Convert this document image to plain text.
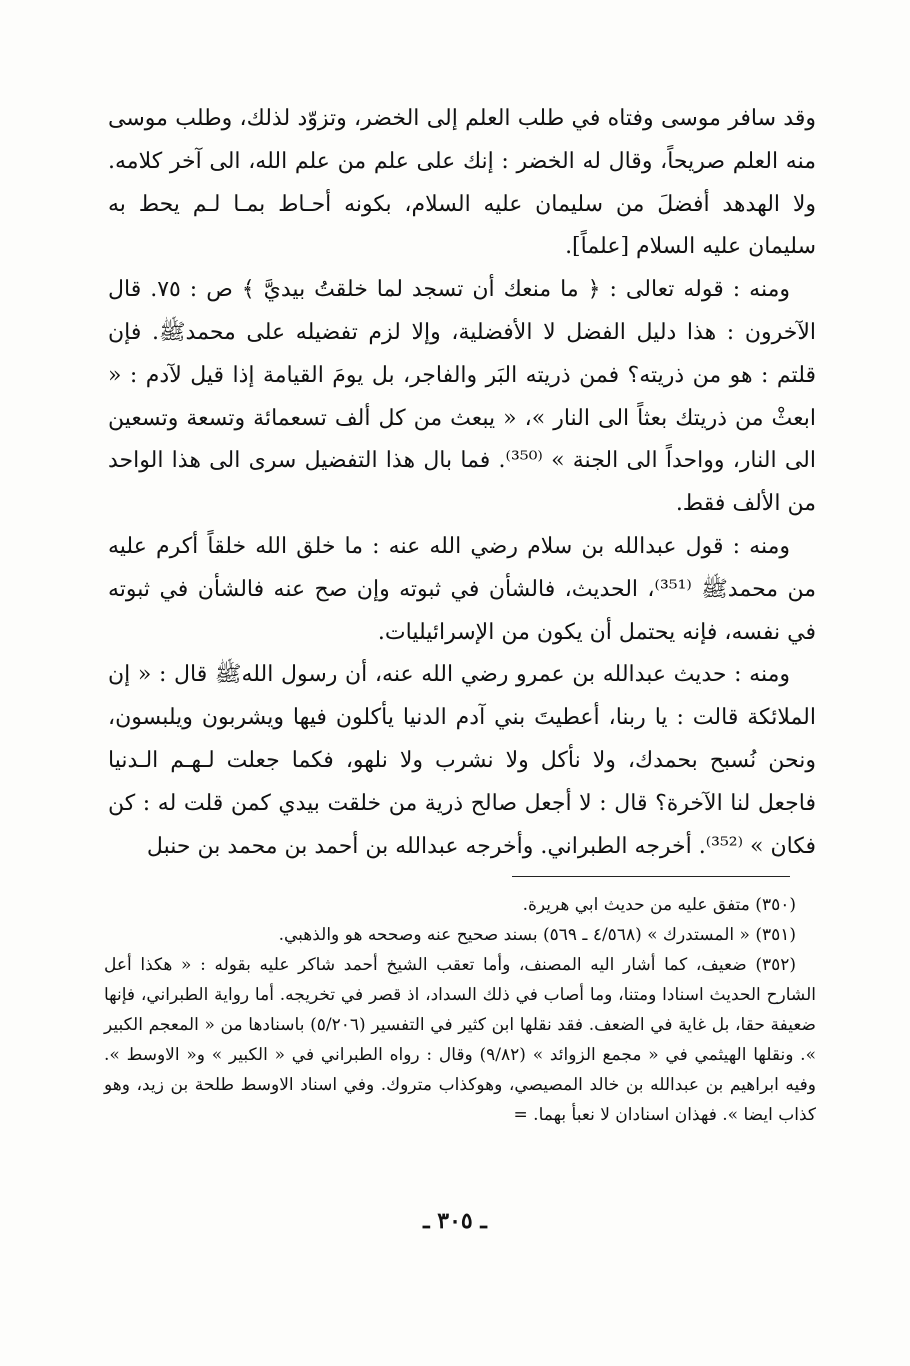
وقد سافر موسى وفتاه في طلب العلم إلى الخضر، وتزوّد لذلك، وطلب موسى منه العلم صريحاً، وقال له الخضر : إنك على علم من علم الله، الى آخر كلامه. ولا الهدهد أفضلَ من سليمان عليه السلام، بكونه أحـاط بمـا لـم يحط به سليمان عليه السلام [علماً].

ومنه : قوله تعالى : ﴿ ما منعك أن تسجد لما خلقتُ بيديَّ ﴾ ص : ٧٥. قال الآخرون : هذا دليل الفضل لا الأفضلية، وإلا لزم تفضيله على محمدﷺ. فإن قلتم : هو من ذريته؟ فمن ذريته البَر والفاجر، بل يومَ القيامة إذا قيل لآدم : « ابعثْ من ذريتك بعثاً الى النار »، « يبعث من كل ألف تسعمائة وتسعة وتسعين الى النار، وواحداً الى الجنة » ⁽³⁵⁰⁾. فما بال هذا التفضيل سرى الى هذا الواحد من الألف فقط.

ومنه : قول عبدالله بن سلام رضي الله عنه : ما خلق الله خلقاً أكرم عليه من محمدﷺ ⁽³⁵¹⁾، الحديث، فالشأن في ثبوته وإن صح عنه فالشأن في ثبوته في نفسه، فإنه يحتمل أن يكون من الإسرائيليات.

ومنه : حديث عبدالله بن عمرو رضي الله عنه، أن رسول اللهﷺ قال : « إن الملائكة قالت : يا ربنا، أعطيتَ بني آدم الدنيا يأكلون فيها ويشربون ويلبسون، ونحن نُسبح بحمدك، ولا نأكل ولا نشرب ولا نلهو، فكما جعلت لـهـم الـدنيا فاجعل لنا الآخرة؟ قال : لا أجعل صالح ذرية من خلقت بيدي كمن قلت له : كن فكان » ⁽³⁵²⁾. أخرجه الطبراني. وأخرجه عبدالله بن أحمد بن محمد بن حنبل

(٣٥٠) متفق عليه من حديث ابي هريرة.

(٣٥١) « المستدرك » (٤/٥٦٨ ـ ٥٦٩) بسند صحيح عنه وصححه هو والذهبي.

(٣٥٢) ضعيف، كما أشار اليه المصنف، وأما تعقب الشيخ أحمد شاكر عليه بقوله : « هكذا أعل الشارح الحديث اسنادا ومتنا، وما أصاب في ذلك السداد، اذ قصر في تخريجه. أما رواية الطبراني، فإنها ضعيفة حقا، بل غاية في الضعف. فقد نقلها ابن كثير في التفسير (٥/٢٠٦) باسنادها من « المعجم الكبير ». ونقلها الهيثمي في « مجمع الزوائد » (٩/٨٢) وقال : رواه الطبراني في « الكبير » و« الاوسط ». وفيه ابراهيم بن عبدالله بن خالد المصيصي، وهوكذاب متروك. وفي اسناد الاوسط طلحة بن زيد، وهو كذاب ايضا ». فهذان اسنادان لا نعبأ بهما. =

ـ ٣٠٥ ـ
